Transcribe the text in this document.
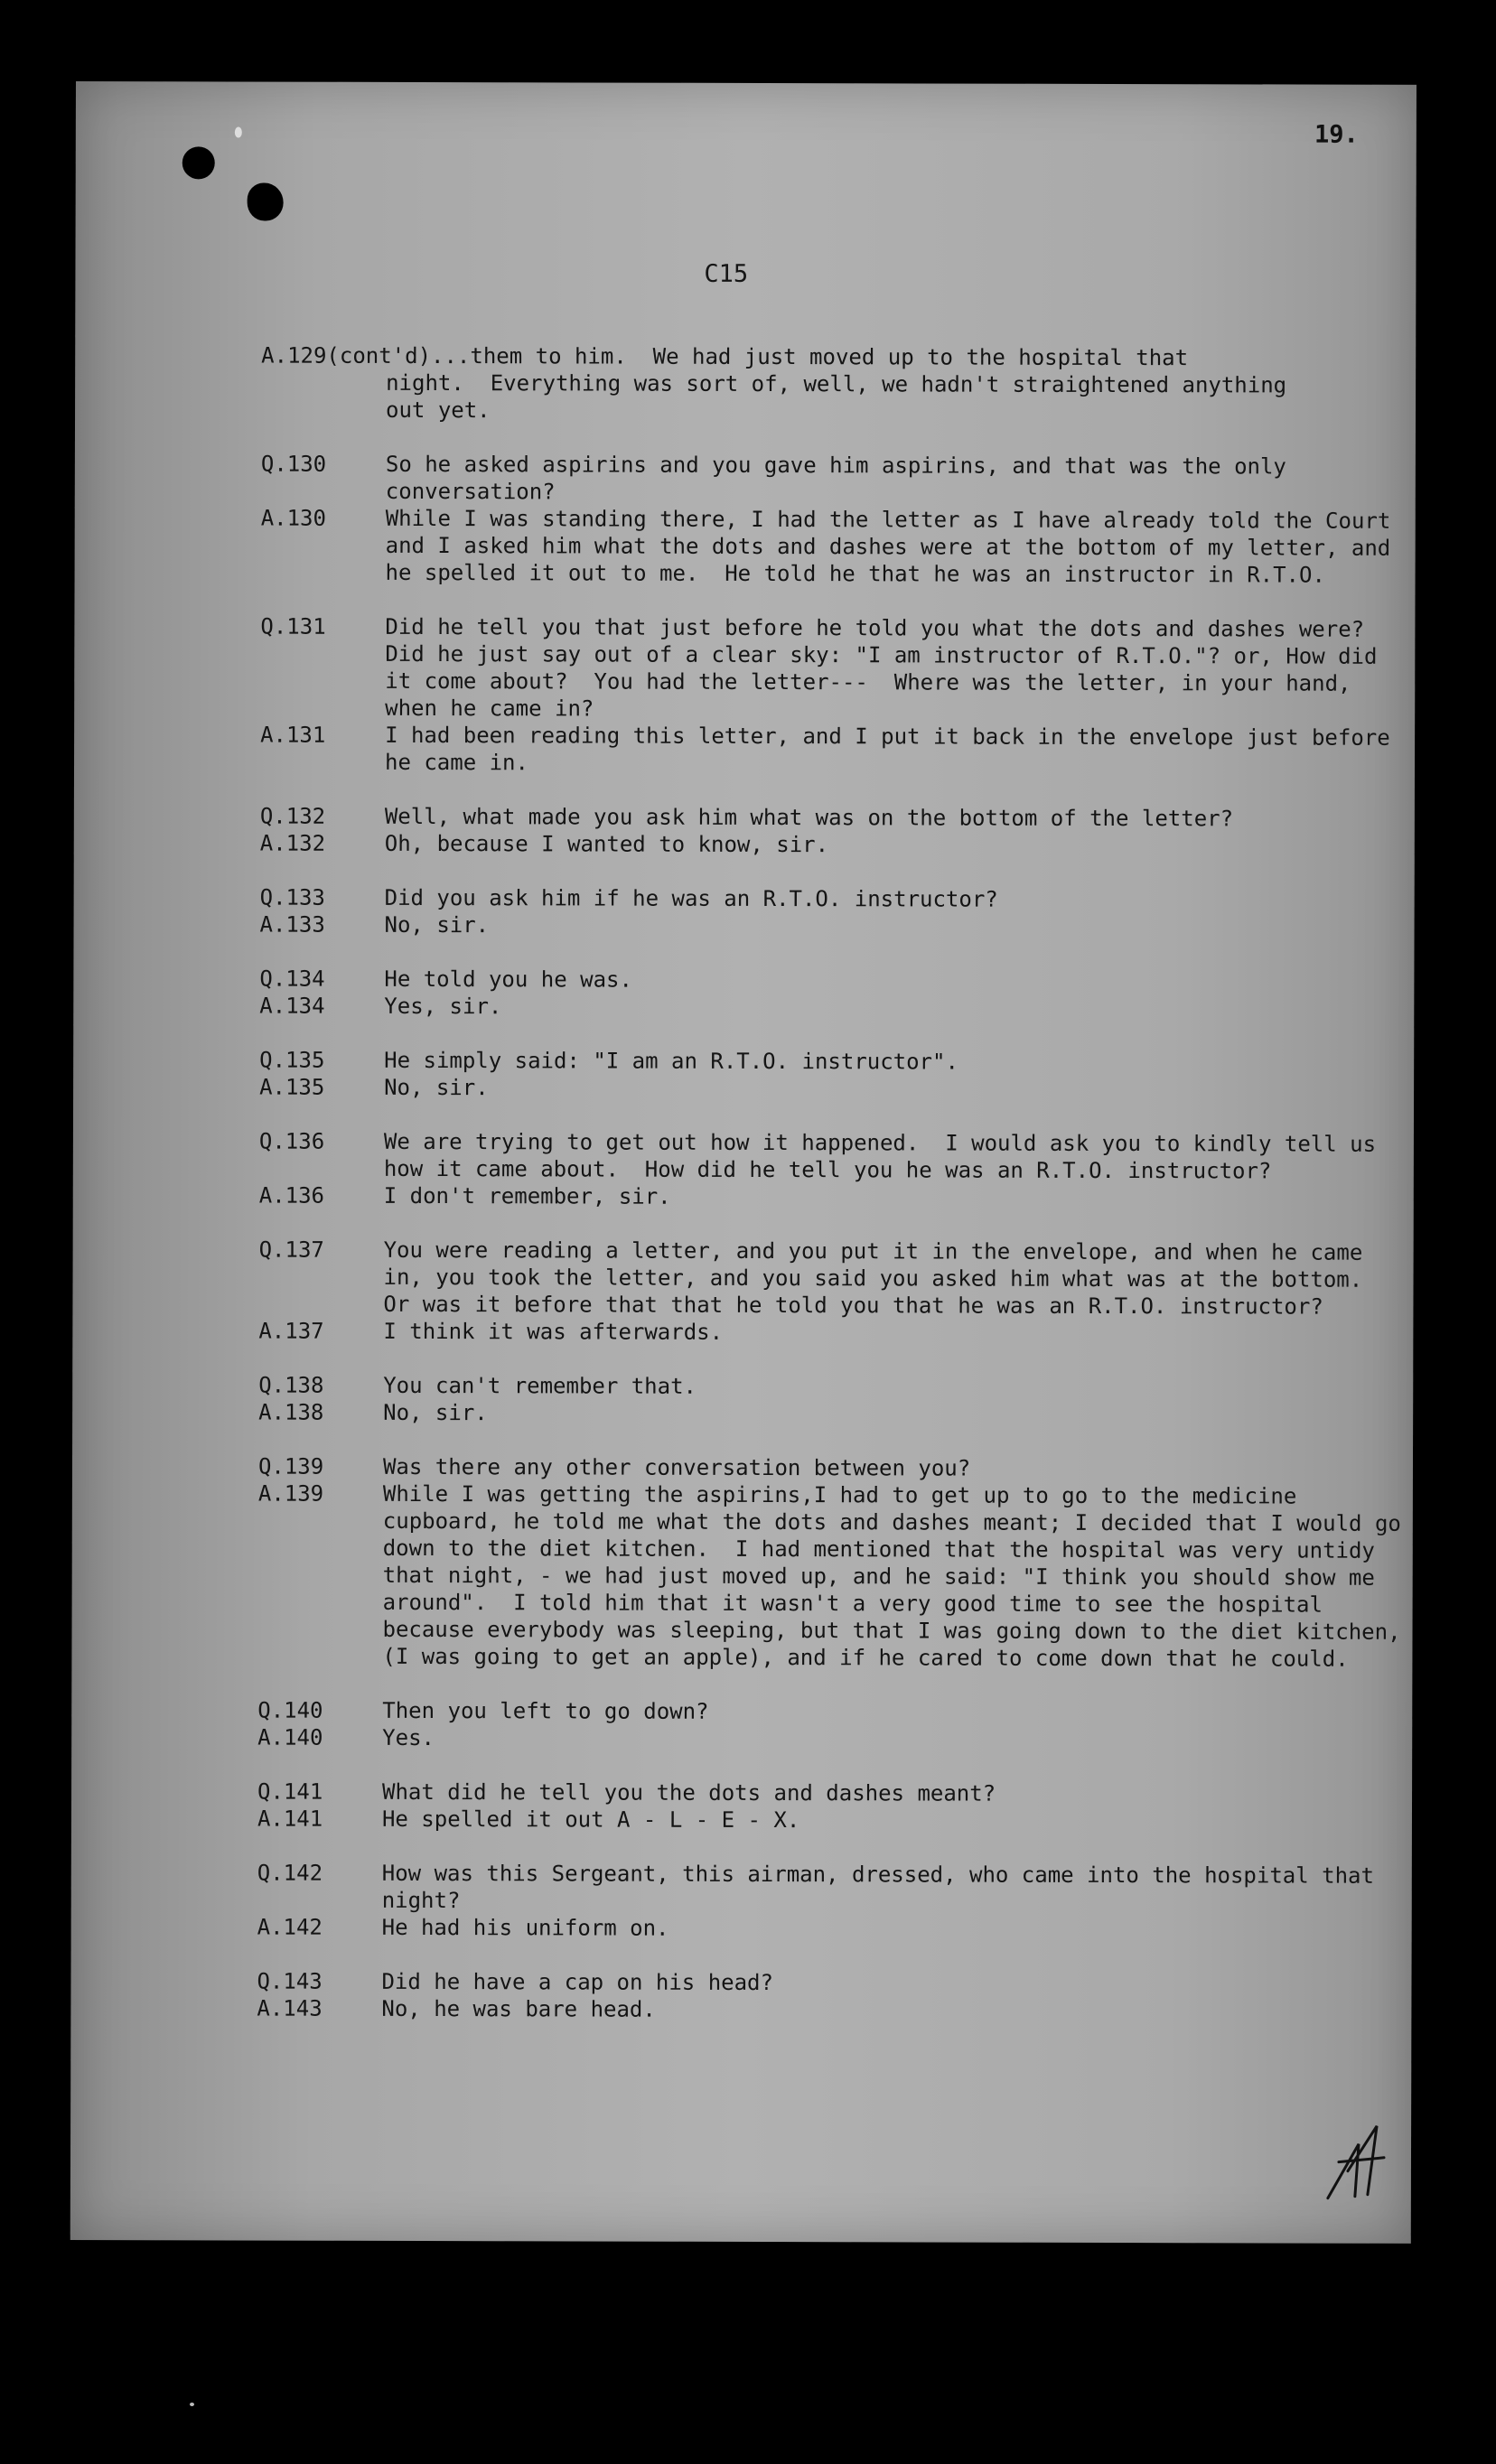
19.
C15
A.129(cont'd)...them to him.  We had just moved up to the hospital that
night.  Everything was sort of, well, we hadn't straightened anything
out yet.
Q.130	So he asked aspirins and you gave him aspirins, and that was the only conversation?
A.130	While I was standing there, I had the letter as I have already told the Court and I asked him what the dots and dashes were at the bottom of my letter, and he spelled it out to me.  He told he that he was an instructor in R.T.O.
Q.131	Did he tell you that just before he told you what the dots and dashes were?  Did he just say out of a clear sky: "I am instructor of R.T.O."? or, How did it come about?  You had the letter---  Where was the letter, in your hand, when he came in?
A.131	I had been reading this letter, and I put it back in the envelope just before he came in.
Q.132	Well, what made you ask him what was on the bottom of the letter?
A.132	Oh, because I wanted to know, sir.
Q.133	Did you ask him if he was an R.T.O. instructor?
A.133	No, sir.
Q.134	He told you he was.
A.134	Yes, sir.
Q.135	He simply said: "I am an R.T.O. instructor".
A.135	No, sir.
Q.136	We are trying to get out how it happened.  I would ask you to kindly tell us how it came about.  How did he tell you he was an R.T.O. instructor?
A.136	I don't remember, sir.
Q.137	You were reading a letter, and you put it in the envelope, and when he came in, you took the letter, and you said you asked him what was at the bottom.  Or was it before that that he told you that he was an R.T.O. instructor?
A.137	I think it was afterwards.
Q.138	You can't remember that.
A.138	No, sir.
Q.139	Was there any other conversation between you?
A.139	While I was getting the aspirins,I had to get up to go to the medicine cupboard, he told me what the dots and dashes meant; I decided that I would go down to the diet kitchen.  I had mentioned that the hospital was very untidy that night, - we had just moved up, and he said: "I think you should show me around".  I told him that it wasn't a very good time to see the hospital because everybody was sleeping, but that I was going down to the diet kitchen, (I was going to get an apple), and if he cared to come down that he could.
Q.140	Then you left to go down?
A.140	Yes.
Q.141	What did he tell you the dots and dashes meant?
A.141	He spelled it out A - L - E - X.
Q.142	How was this Sergeant, this airman, dressed, who came into the hospital that night?
A.142	He had his uniform on.
Q.143	Did he have a cap on his head?
A.143	No, he was bare head.
